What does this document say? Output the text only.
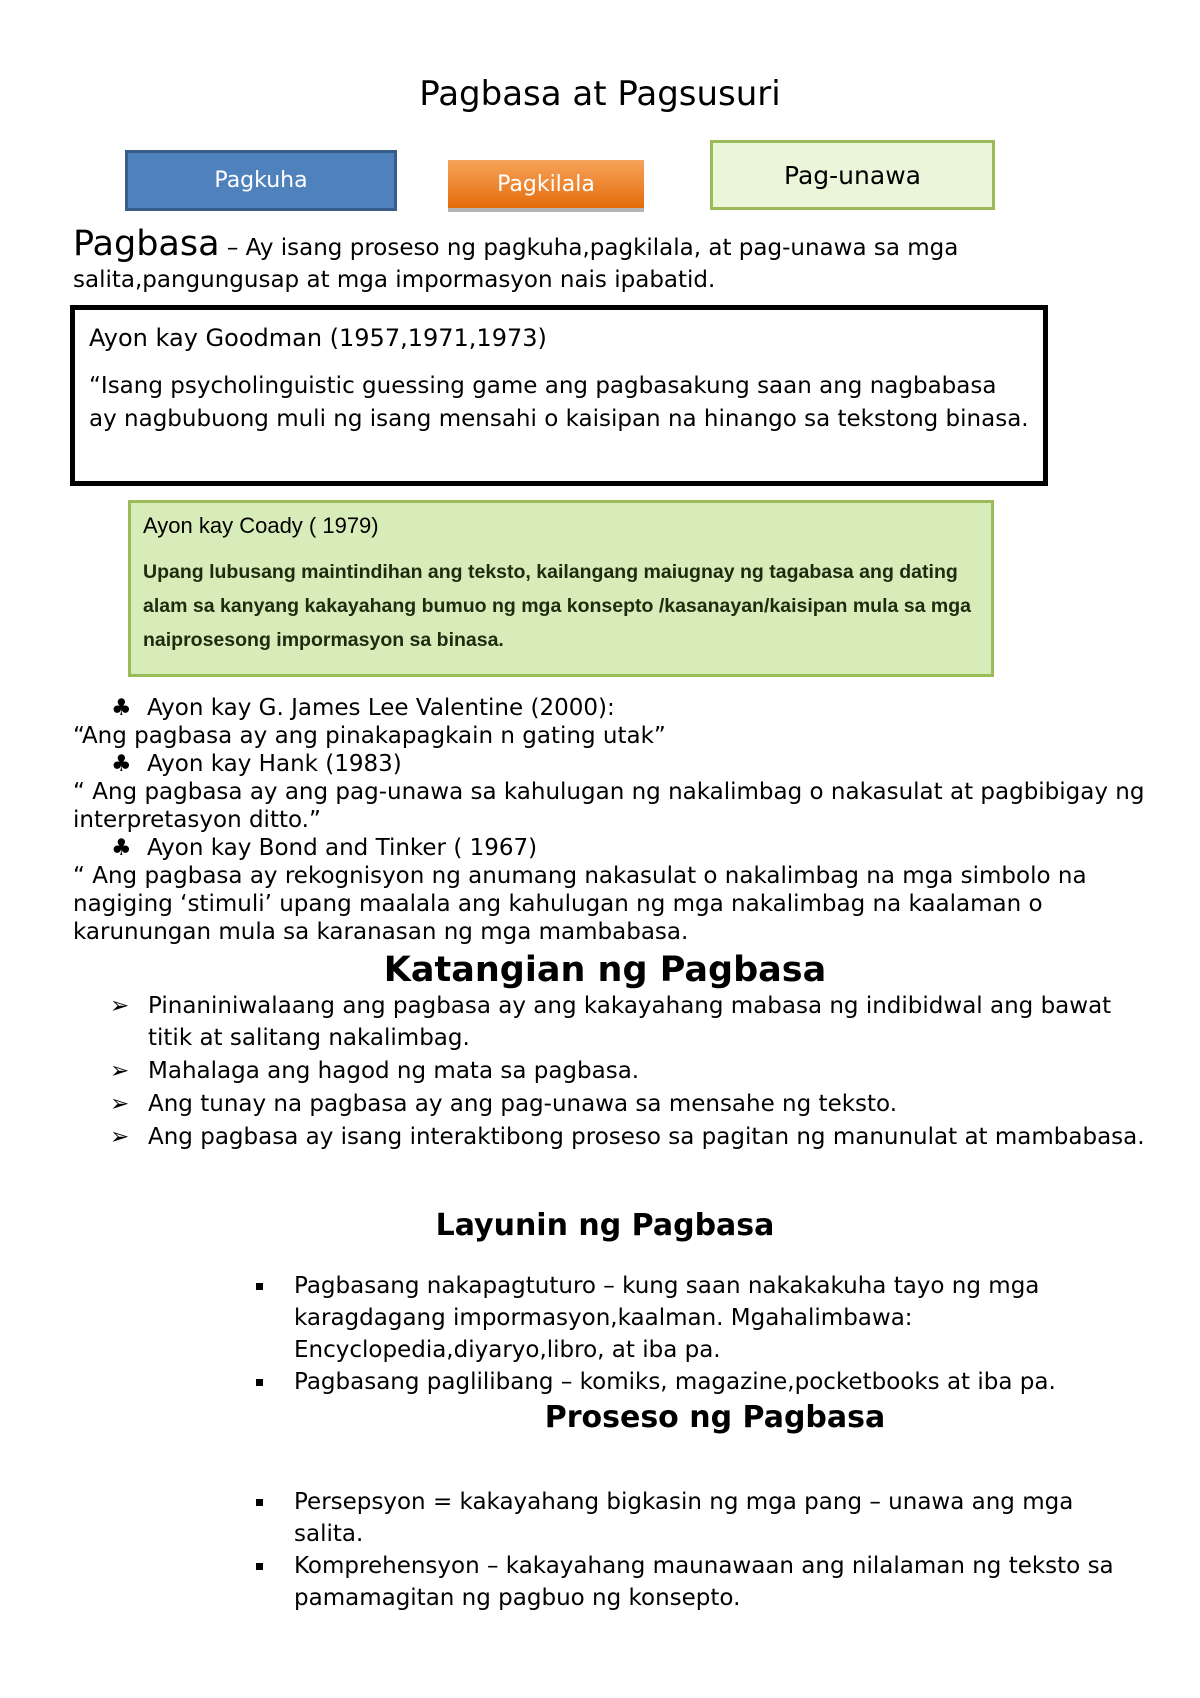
Pagbasa at Pagsusuri
Pagkuha	Pagkilala	Pag-unawa
Pagbasa – Ay isang proseso ng pagkuha,pagkilala, at pag-unawa sa mga salita,pangungusap at mga impormasyon nais ipabatid.
Ayon kay Goodman (1957,1971,1973)
“Isang psycholinguistic guessing game ang pagbasakung saan ang nagbabasa ay nagbubuong muli ng isang mensahi o kaisipan na hinango sa tekstong binasa.
Ayon kay Coady ( 1979)
Upang lubusang maintindihan ang teksto, kailangang maiugnay ng tagabasa ang dating alam sa kanyang kakayahang bumuo ng mga konsepto /kasanayan/kaisipan mula sa mga naiprosesong impormasyon sa binasa.
♣ Ayon kay G. James Lee Valentine (2000):
“Ang pagbasa ay ang pinakapagkain n gating utak”
♣ Ayon kay Hank (1983)
“ Ang pagbasa ay ang pag-unawa sa kahulugan ng nakalimbag o nakasulat at pagbibigay ng interpretasyon ditto.”
♣ Ayon kay Bond and Tinker ( 1967)
“ Ang pagbasa ay rekognisyon ng anumang nakasulat o nakalimbag na mga simbolo na nagiging ‘stimuli’ upang maalala ang kahulugan ng mga nakalimbag na kaalaman o karunungan mula sa karanasan ng mga mambabasa.
Katangian ng Pagbasa
➢ Pinaniniwalaang ang pagbasa ay ang kakayahang mabasa ng indibidwal ang bawat titik at salitang nakalimbag.
➢ Mahalaga ang hagod ng mata sa pagbasa.
➢ Ang tunay na pagbasa ay ang pag-unawa sa mensahe ng teksto.
➢ Ang pagbasa ay isang interaktibong proseso sa pagitan ng manunulat at mambabasa.
Layunin ng Pagbasa
Pagbasang nakapagtuturo – kung saan nakakakuha tayo ng mga karagdagang impormasyon,kaalman. Mgahalimbawa: Encyclopedia,diyaryo,libro, at iba pa.
Pagbasang paglilibang – komiks, magazine,pocketbooks at iba pa.
Proseso ng Pagbasa
Persepsyon = kakayahang bigkasin ng mga pang – unawa ang mga salita.
Komprehensyon – kakayahang maunawaan ang nilalaman ng teksto sa pamamagitan ng pagbuo ng konsepto.
